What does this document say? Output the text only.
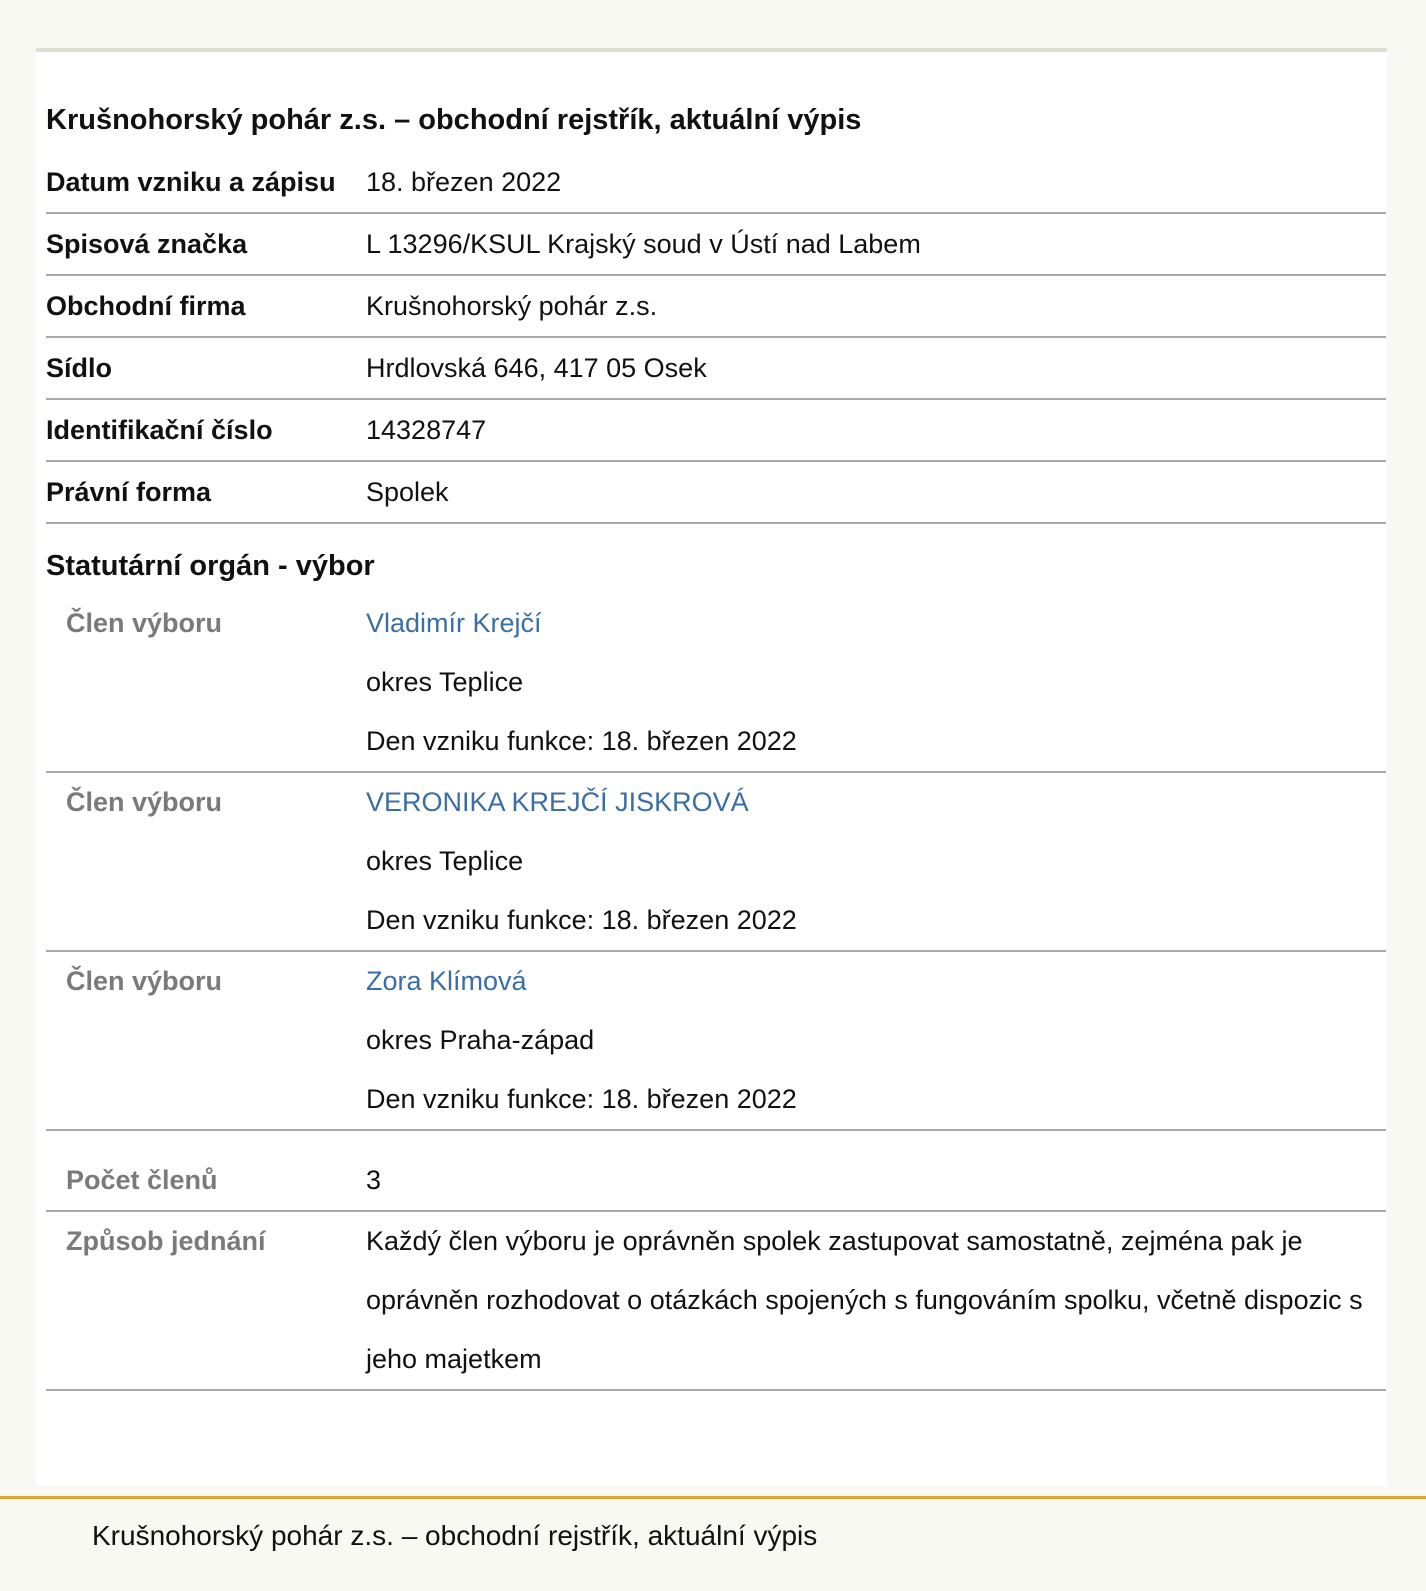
Krušnohorský pohár z.s. – obchodní rejstřík, aktuální výpis
Datum vzniku a zápisu	18. březen 2022
Spisová značka	L 13296/KSUL Krajský soud v Ústí nad Labem
Obchodní firma	Krušnohorský pohár z.s.
Sídlo	Hrdlovská 646, 417 05 Osek
Identifikační číslo	14328747
Právní forma	Spolek
Statutární orgán - výbor
Člen výboru	Vladimír Krejčí
okres Teplice
Den vzniku funkce: 18. březen 2022
Člen výboru	VERONIKA KREJČÍ JISKROVÁ
okres Teplice
Den vzniku funkce: 18. březen 2022
Člen výboru	Zora Klímová
okres Praha-západ
Den vzniku funkce: 18. březen 2022
Počet členů	3
Způsob jednání	Každý člen výboru je oprávněn spolek zastupovat samostatně, zejména pak je oprávněn rozhodovat o otázkách spojených s fungováním spolku, včetně dispozic s jeho majetkem
Krušnohorský pohár z.s. – obchodní rejstřík, aktuální výpis
